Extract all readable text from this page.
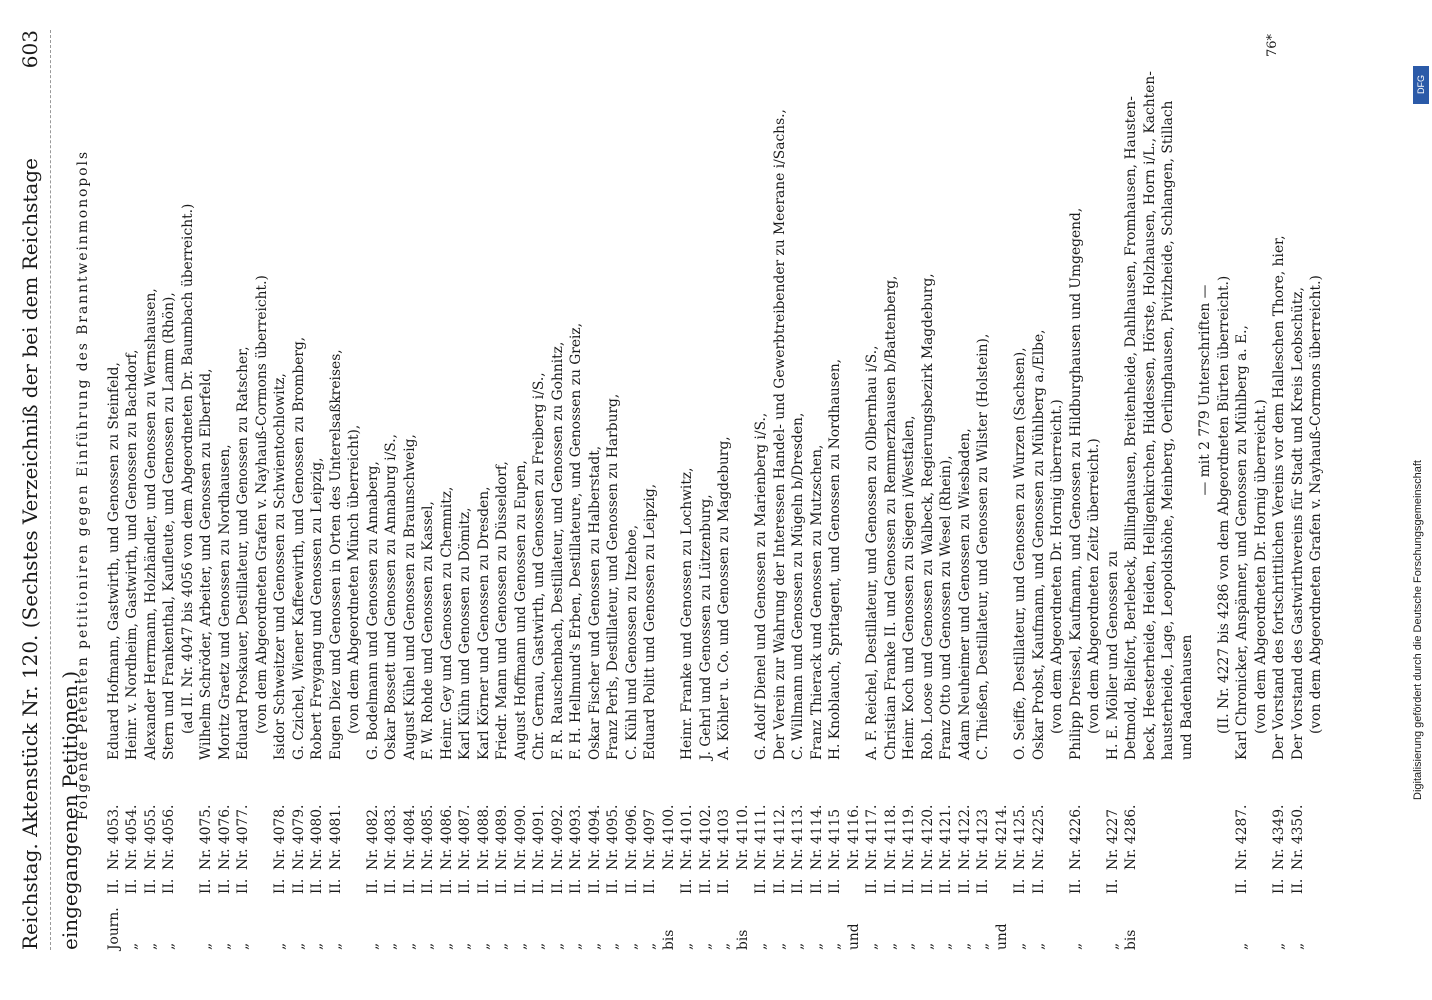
Reichstag. Aktenstück Nr. 120. (Sechstes Verzeichniß der bei dem Reichstage eingegangenen Petitionen.)
603
Folgende Petenten petitioniren gegen Einführung des Branntweinmonopols
Journ.
II.
Nr. 4053.
Eduard Hofmann, Gastwirth, und Genossen zu Steinfeld,
„
II.
Nr. 4054.
Heinr. v. Nordheim, Gastwirth, und Genossen zu Bachdorf,
„
II.
Nr. 4055.
Alexander Herrmann, Holzhändler, und Genossen zu Wernshausen,
„
II.
Nr. 4056.
Stern und Frankenthal, Kaufleute, und Genossen zu Lamm (Rhön), (ad II. Nr. 4047 bis 4056 von dem Abgeordneten Dr. Baumbach überreicht.)
„
II.
Nr. 4075.
Wilhelm Schröder, Arbeiter, und Genossen zu Elberfeld,
„
II.
Nr. 4076.
Moritz Graetz und Genossen zu Nordhausen,
„
II.
Nr. 4077.
Eduard Proskauer, Destillateur, und Genossen zu Ratscher, (von dem Abgeordneten Grafen v. Nayhauß-Cormons überreicht.)
„
II.
Nr. 4078.
Isidor Schweitzer und Genossen zu Schwientochlowitz,
„
II.
Nr. 4079.
G. Czichel, Wiener Kaffeewirth, und Genossen zu Bromberg,
„
II.
Nr. 4080.
Robert Freygang und Genossen zu Leipzig,
„
II.
Nr. 4081.
Eugen Diez und Genossen in Orten des Unterelsaßkreises, (von dem Abgeordneten Münch überreicht),
„
II.
Nr. 4082.
G. Bodelmann und Genossen zu Annaberg,
„
II.
Nr. 4083.
Oskar Bossett und Genossen zu Annaburg i/S.,
„
II.
Nr. 4084.
August Kühel und Genossen zu Braunschweig,
„
II.
Nr. 4085.
F. W. Rohde und Genossen zu Kassel,
„
II.
Nr. 4086.
Heinr. Gey und Genossen zu Chemnitz,
„
II.
Nr. 4087.
Karl Kühn und Genossen zu Dömitz,
„
II.
Nr. 4088.
Karl Körner und Genossen zu Dresden,
„
II.
Nr. 4089.
Friedr. Mann und Genossen zu Düsseldorf,
„
II.
Nr. 4090.
August Hoffmann und Genossen zu Eupen,
„
II.
Nr. 4091.
Chr. Gernau, Gastwirth, und Genossen zu Freiberg i/S.,
„
II.
Nr. 4092.
F. R. Rauschenbach, Destillateur, und Genossen zu Gohnitz,
„
II.
Nr. 4093.
F. H. Hellmund's Erben, Destillateure, und Genossen zu Greiz,
„
II.
Nr. 4094.
Oskar Fischer und Genossen zu Halberstadt,
„
II.
Nr. 4095.
Franz Perls, Destillateur, und Genossen zu Harburg,
„
II.
Nr. 4096.
C. Kühl und Genossen zu Itzehoe,
„
II.
Nr. 4097
Eduard Politt und Genossen zu Leipzig,
bis
Nr. 4100.
„
II.
Nr. 4101.
Heinr. Franke und Genossen zu Lochwitz,
„
II.
Nr. 4102.
J. Gehrl und Genossen zu Lützenburg,
„
II.
Nr. 4103
A. Köhler u. Co. und Genossen zu Magdeburg,
bis
Nr. 4110.
„
II.
Nr. 4111.
G. Adolf Dienel und Genossen zu Marienberg i/S.,
„
II.
Nr. 4112.
Der Verein zur Wahrung der Interessen Handel- und Gewerbtreibender zu Meerane i/Sachs.,
„
II.
Nr. 4113.
C. Willmann und Genossen zu Mügeln b/Dresden,
„
II.
Nr. 4114.
Franz Thierack und Genossen zu Mutzschen,
„
II.
Nr. 4115
H. Knoblauch, Spritagent, und Genossen zu Nordhausen,
und
Nr. 4116.
„
II.
Nr. 4117.
A. F. Reichel, Destillateur, und Genossen zu Olbernhau i/S.,
„
II.
Nr. 4118.
Christian Franke II. und Genossen zu Remmerzhausen b/Battenberg,
„
II.
Nr. 4119.
Heinr. Koch und Genossen zu Siegen i/Westfalen,
„
II.
Nr. 4120.
Rob. Loose und Genossen zu Walbeck, Regierungsbezirk Magdeburg,
„
II.
Nr. 4121.
Franz Otto und Genossen zu Wesel (Rhein),
„
II.
Nr. 4122.
Adam Neuheimer und Genossen zu Wiesbaden,
„
II.
Nr. 4123
C. Thießen, Destillateur, und Genossen zu Wilster (Holstein),
und
Nr. 4214.
„
II.
Nr. 4125.
O. Seiffe, Destillateur, und Genossen zu Wurzen (Sachsen),
„
II.
Nr. 4225.
Oskar Probst, Kaufmann, und Genossen zu Mühlberg a./Elbe, (von dem Abgeordneten Dr. Hornig überreicht.)
„
II.
Nr. 4226.
Philipp Dreissel, Kaufmann, und Genossen zu Hildburghausen und Umgegend, (von dem Abgeordneten Zeitz überreicht.)
„
II.
Nr. 4227
H. E. Möller und Genossen zu
bis
Nr. 4286.
Detmold, Bielfort, Berlebeck, Billinghausen, Breitenheide, Dahlhausen, Fromhausen, Hausten- beck, Heesterheide, Heiden, Helligenkirchen, Hiddessen, Hörste, Holzhausen, Horn i/L., Kachten- hausterheide, Lage, Leopoldshöhe, Meinberg, Oerlinghausen, Pivitzheide, Schlangen, Stillach und Badenhausen
— mit 2 779 Unterschriften — (II. Nr. 4227 bis 4286 von dem Abgeordneten Bürten überreicht.)
„
II.
Nr. 4287.
Karl Chronicker, Anspänner, und Genossen zu Mühlberg a. E., (von dem Abgeordneten Dr. Hornig überreicht.)
„
II.
Nr. 4349.
Der Vorstand des fortschrittlichen Vereins vor dem Halleschen Thore, hier,
„
II.
Nr. 4350.
Der Vorstand des Gastwirthvereins für Stadt und Kreis Leobschütz, (von dem Abgeordneten Grafen v. Nayhauß-Cormons überreicht.)
76*
DFG
Digitalisierung gefördert durch die Deutsche Forschungsgemeinschaft
